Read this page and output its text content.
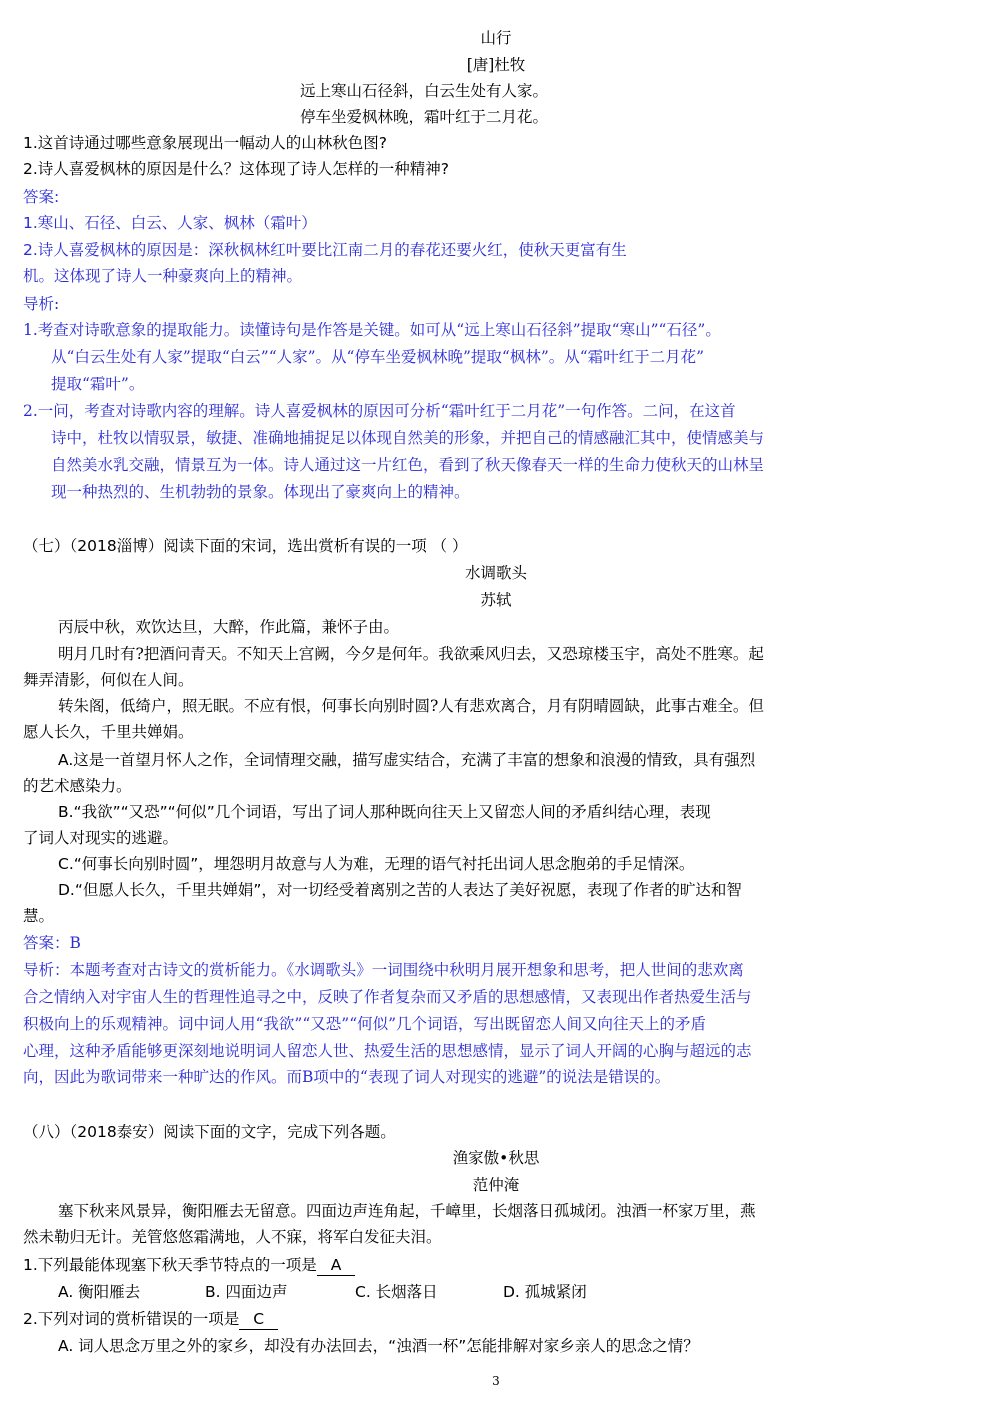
山行
[唐]杜牧
远上寒山石径斜，白云生处有人家。
停车坐爱枫林晚，霜叶红于二月花。
1.这首诗通过哪些意象展现出一幅动人的山林秋色图?
2.诗人喜爱枫林的原因是什么？这体现了诗人怎样的一种精神?
答案:
1.寒山、石径、白云、人家、枫林（霜叶）
2.诗人喜爱枫林的原因是：深秋枫林红叶要比江南二月的春花还要火红，使秋天更富有生
机。这体现了诗人一种豪爽向上的精神。
导析:
1.考查对诗歌意象的提取能力。读懂诗句是作答是关键。如可从“远上寒山石径斜”提取“寒山”“石径”。
从“白云生处有人家”提取“白云”“人家”。从“停车坐爱枫林晚”提取“枫林”。从“霜叶红于二月花”
提取“霜叶”。
2.一问，考查对诗歌内容的理解。诗人喜爱枫林的原因可分析“霜叶红于二月花”一句作答。二问，在这首
诗中，杜牧以情驭景，敏捷、准确地捕捉足以体现自然美的形象，并把自己的情感融汇其中，使情感美与
自然美水乳交融，情景互为一体。诗人通过这一片红色，看到了秋天像春天一样的生命力使秋天的山林呈
现一种热烈的、生机勃勃的景象。体现出了豪爽向上的精神。
（七）（2018淄博）阅读下面的宋词，选出赏析有误的一项 （ ）
水调歌头
苏轼
丙辰中秋，欢饮达旦，大醉，作此篇，兼怀子由。
明月几时有?把酒问青天。不知天上宫阙，今夕是何年。我欲乘风归去，又恐琼楼玉宇，高处不胜寒。起
舞弄清影，何似在人间。
转朱阁，低绮户，照无眠。不应有恨，何事长向别时圆?人有悲欢离合，月有阴晴圆缺，此事古难全。但
愿人长久，千里共婵娟。
A.这是一首望月怀人之作，全词情理交融，描写虚实结合，充满了丰富的想象和浪漫的情致，具有强烈
的艺术感染力。
B.“我欲”“又恐”“何似”几个词语，写出了词人那种既向往天上又留恋人间的矛盾纠结心理，表现
了词人对现实的逃避。
C.“何事长向别时圆”，埋怨明月故意与人为难，无理的语气衬托出词人思念胞弟的手足情深。
D.“但愿人长久，千里共婵娟”，对一切经受着离别之苦的人表达了美好祝愿，表现了作者的旷达和智
慧。
答案：B
导析：本题考查对古诗文的赏析能力。《水调歌头》一词围绕中秋明月展开想象和思考，把人世间的悲欢离
合之情纳入对宇宙人生的哲理性追寻之中，反映了作者复杂而又矛盾的思想感情，又表现出作者热爱生活与
积极向上的乐观精神。词中词人用“我欲”“又恐”“何似”几个词语，写出既留恋人间又向往天上的矛盾
心理，这种矛盾能够更深刻地说明词人留恋人世、热爱生活的思想感情，显示了词人开阔的心胸与超远的志
向，因此为歌词带来一种旷达的作风。而B项中的“表现了词人对现实的逃避”的说法是错误的。
（八）（2018泰安）阅读下面的文字，完成下列各题。
渔家傲•秋思
范仲淹
塞下秋来风景异，衡阳雁去无留意。四面边声连角起，千嶂里，长烟落日孤城闭。浊酒一杯家万里，燕
然未勒归无计。羌管悠悠霜满地，人不寐，将军白发征夫泪。
1.下列最能体现塞下秋天季节特点的一项是 A
A. 衡阳雁去	B. 四面边声	C. 长烟落日	D. 孤城紧闭
2.下列对词的赏析错误的一项是 C
A. 词人思念万里之外的家乡，却没有办法回去，“浊酒一杯”怎能排解对家乡亲人的思念之情？
3
